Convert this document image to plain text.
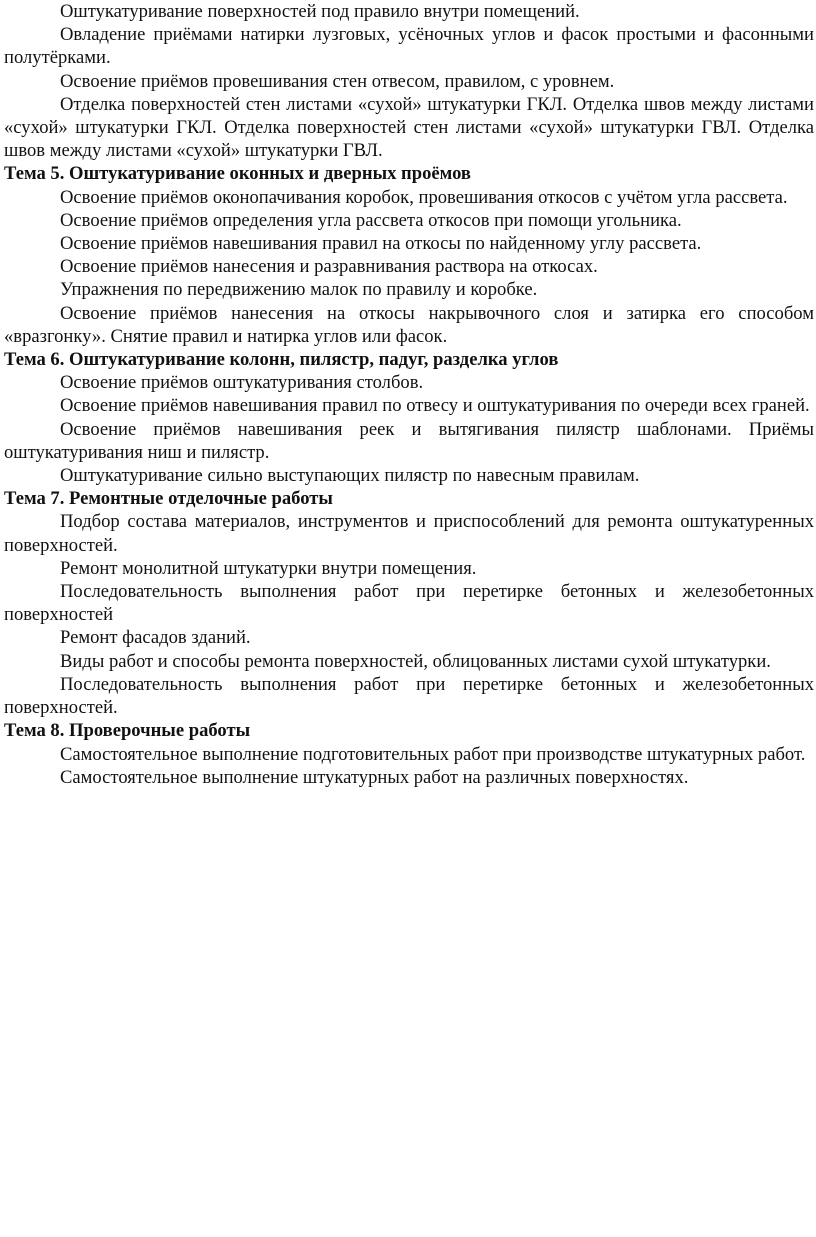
Оштукатуривание поверхностей под правило внутри помещений.

Овладение приёмами натирки лузговых, усёночных углов и фасок простыми и фасонными полутёрками.

Освоение приёмов провешивания стен отвесом, правилом, с уровнем.

Отделка поверхностей стен листами «сухой» штукатурки ГКЛ. Отделка швов между листами «сухой» штукатурки ГКЛ. Отделка поверхностей стен листами «сухой» штукатурки ГВЛ. Отделка швов между листами «сухой» штукатурки ГВЛ.

Тема 5. Оштукатуривание оконных и дверных проёмов

Освоение приёмов оконопачивания коробок, провешивания откосов с учётом угла рассвета.

Освоение приёмов определения угла рассвета откосов при помощи угольника.

Освоение приёмов навешивания правил на откосы по найденному углу рассвета.

Освоение приёмов нанесения и разравнивания раствора на откосах.

Упражнения по передвижению малок по правилу и коробке.

Освоение приёмов нанесения на откосы накрывочного слоя и затирка его способом «вразгонку». Снятие правил и натирка углов или фасок.

Тема 6. Оштукатуривание колонн, пилястр, падуг, разделка углов

Освоение приёмов оштукатуривания столбов.

Освоение приёмов навешивания правил по отвесу и оштукатуривания по очереди всех граней.

Освоение приёмов навешивания реек и вытягивания пилястр шаблонами. Приёмы оштукатуривания ниш и пилястр.

Оштукатуривание сильно выступающих пилястр по навесным правилам.

Тема 7. Ремонтные отделочные работы

Подбор состава материалов, инструментов и приспособлений для ремонта оштукатуренных поверхностей.

Ремонт монолитной штукатурки внутри помещения.

Последовательность выполнения работ при перетирке бетонных и железобетонных поверхностей

Ремонт фасадов зданий.

Виды работ и способы ремонта поверхностей, облицованных листами сухой штукатурки.

Последовательность выполнения работ при перетирке бетонных и железобетонных поверхностей.

Тема 8. Проверочные работы

Самостоятельное выполнение подготовительных работ при производстве штукатурных работ.

Самостоятельное выполнение штукатурных работ на различных поверхностях.
